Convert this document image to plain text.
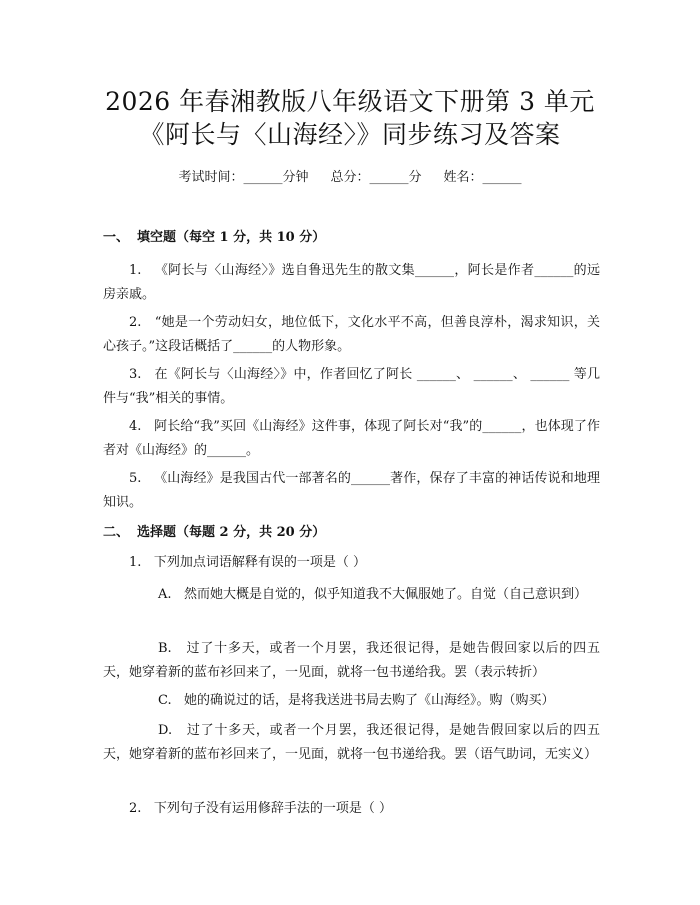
2026 年春湘教版八年级语文下册第 3 单元
《阿长与〈山海经〉》同步练习及答案
考试时间：______分钟 总分：______分 姓名：______
一、 填空题（每空 1 分，共 10 分）
1. 《阿长与〈山海经〉》选自鲁迅先生的散文集______，阿长是作者______的远房亲戚。
2. “她是一个劳动妇女，地位低下，文化水平不高，但善良淳朴，渴求知识，关心孩子。”这段话概括了______的人物形象。
3. 在《阿长与〈山海经〉》中，作者回忆了阿长 ______、 ______、 ______ 等几件与“我”相关的事情。
4. 阿长给“我”买回《山海经》这件事，体现了阿长对“我”的______，也体现了作者对《山海经》的______。
5. 《山海经》是我国古代一部著名的______著作，保存了丰富的神话传说和地理知识。
二、 选择题（每题 2 分，共 20 分）
1. 下列加点词语解释有误的一项是（ ）
A. 然而她大概是自觉的，似乎知道我不大佩服她了。自觉（自己意识到）
B. 过了十多天，或者一个月罢，我还很记得，是她告假回家以后的四五天，她穿着新的蓝布衫回来了，一见面，就将一包书递给我。罢（表示转折）
C. 她的确说过的话，是将我送进书局去购了《山海经》。购（购买）
D. 过了十多天，或者一个月罢，我还很记得，是她告假回家以后的四五天，她穿着新的蓝布衫回来了，一见面，就将一包书递给我。罢（语气助词，无实义）
2. 下列句子没有运用修辞手法的一项是（ ）
